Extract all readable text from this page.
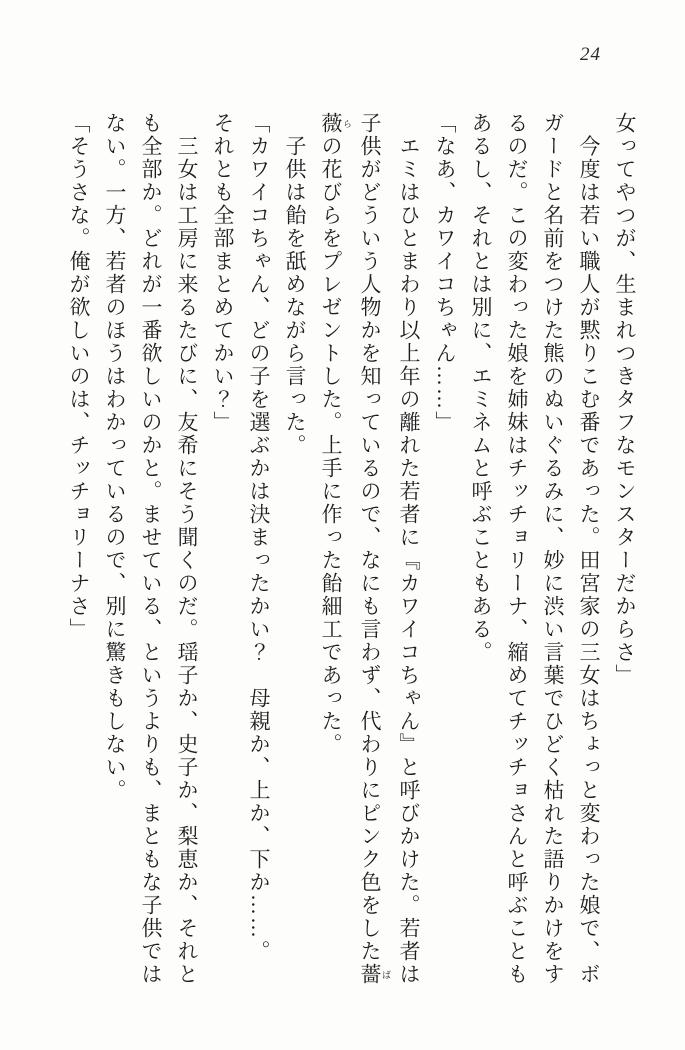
24
女ってやつが、生まれつきタフなモンスターだからさ」
今度は若い職人が黙りこむ番であった。田宮家の三女はちょっと変わった娘で、ボ
ガードと名前をつけた熊のぬいぐるみに、妙に渋い言葉でひどく枯れた語りかけをす
るのだ。この変わった娘を姉妹はチッチョリーナ、縮めてチッチョさんと呼ぶことも
あるし、それとは別に、エミネムと呼ぶこともある。
「なあ、カワイコちゃん……」
エミはひとまわり以上年の離れた若者に『カワイコちゃん』と呼びかけた。若者は
子供がどういう人物かを知っているので、なにも言わず、代わりにピンク色をした薔 ば
薇 らの花びらをプレゼントした。上手に作った飴細工であった。
子供は飴を舐めながら言った。
「カワイコちゃん、どの子を選ぶかは決まったかい？　母親か、上か、下か……。
それとも全部まとめてかい？」
三女は工房に来るたびに、友希にそう聞くのだ。瑶子か、史子か、梨恵か、それと
も全部か。どれが一番欲しいのかと。ませている、というよりも、まともな子供では
ない。一方、若者のほうはわかっているので、別に驚きもしない。
「そうさな。俺が欲しいのは、チッチョリーナさ」
